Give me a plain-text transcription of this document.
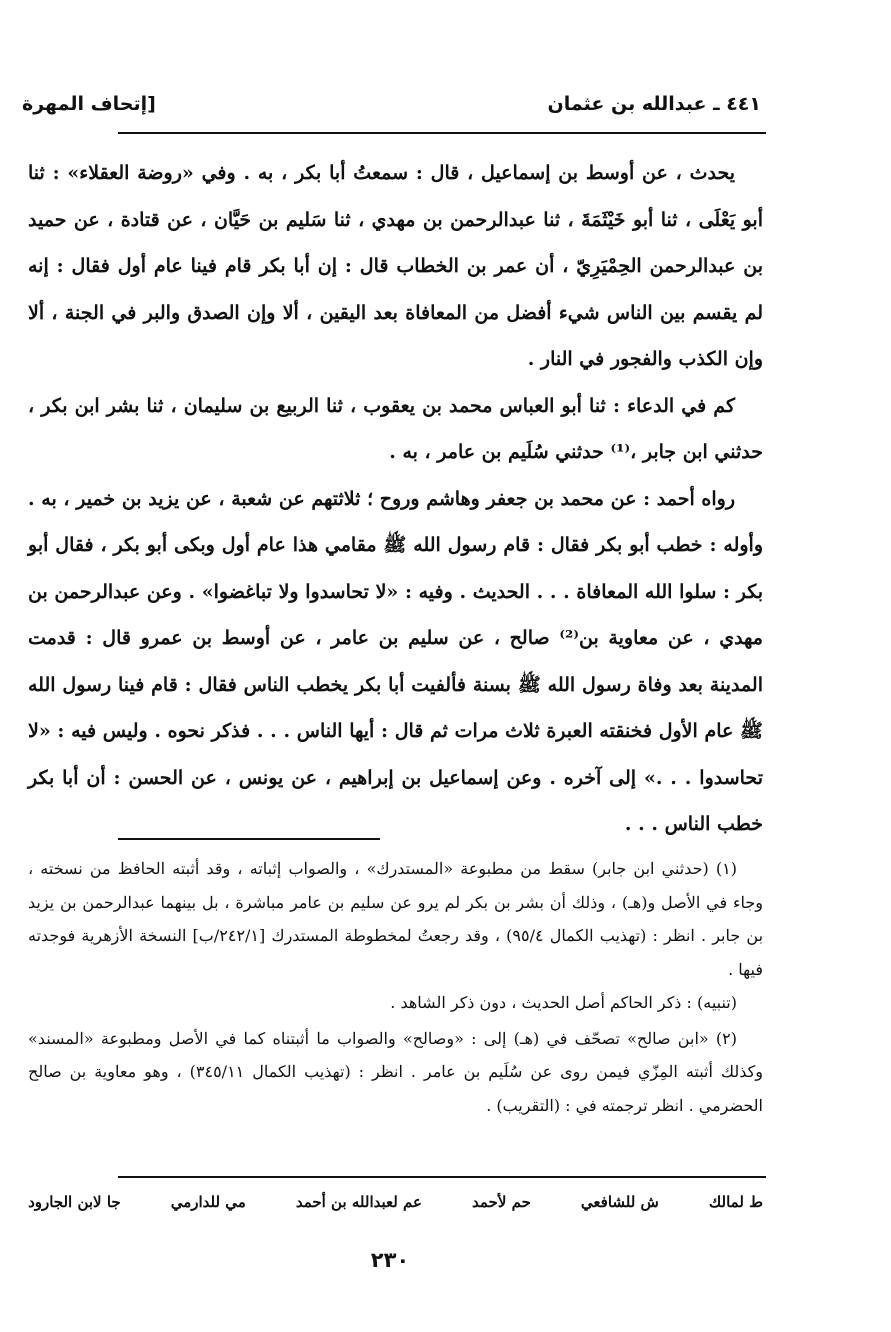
٤٤١ ـ عبدالله بن عثمان
[إتحاف المهرة

يحدث ، عن أوسط بن إسماعيل ، قال : سمعتُ أبا بكر ، به . وفي «روضة العقلاء» : ثنا أبو يَعْلَى ، ثنا أبو خَيْثَمَةَ ، ثنا عبدالرحمن بن مهدي ، ثنا سَليم بن حَيَّان ، عن قتادة ، عن حميد بن عبدالرحمن الحِمْيَرِيّ ، أن عمر بن الخطاب قال : إن أبا بكر قام فينا عام أول فقال : إنه لم يقسم بين الناس شيء أفضل من المعافاة بعد اليقين ، ألا وإن الصدق والبر في الجنة ، ألا وإن الكذب والفجور في النار .

كم في الدعاء : ثنا أبو العباس محمد بن يعقوب ، ثنا الربيع بن سليمان ، ثنا بشر ابن بكر ، حدثني ابن جابر ،⁽¹⁾ حدثني سُلَيم بن عامر ، به .

رواه أحمد : عن محمد بن جعفر وهاشم وروح ؛ ثلاثتهم عن شعبة ، عن يزيد بن خمير ، به . وأوله : خطب أبو بكر فقال : قام رسول الله ﷺ مقامي هذا عام أول وبكى أبو بكر ، فقال أبو بكر : سلوا الله المعافاة . . . الحديث . وفيه : «لا تحاسدوا ولا تباغضوا» . وعن عبدالرحمن بن مهدي ، عن معاوية بن⁽²⁾ صالح ، عن سليم بن عامر ، عن أوسط بن عمرو قال : قدمت المدينة بعد وفاة رسول الله ﷺ بسنة فألفيت أبا بكر يخطب الناس فقال : قام فينا رسول الله ﷺ عام الأول فخنقته العبرة ثلاث مرات ثم قال : أيها الناس . . . فذكر نحوه . وليس فيه : «لا تحاسدوا . . .» إلى آخره . وعن إسماعيل بن إبراهيم ، عن يونس ، عن الحسن : أن أبا بكر خطب الناس . . .

(١) (حدثني ابن جابر) سقط من مطبوعة «المستدرك» ، والصواب إثباته ، وقد أثبته الحافظ من نسخته ، وجاء في الأصل و(هـ) ، وذلك أن بشر بن بكر لم يرو عن سليم بن عامر مباشرة ، بل بينهما عبدالرحمن بن يزيد بن جابر . انظر : (تهذيب الكمال ٩٥/٤) ، وقد رجعتُ لمخطوطة المستدرك [٢٤٢/١/ب] النسخة الأزهرية فوجدته فيها .

(تنبيه) : ذكر الحاكم أصل الحديث ، دون ذكر الشاهد .

(٢) «ابن صالح» تصحّف في (هـ) إلى : «وصالح» والصواب ما أثبتناه كما في الأصل ومطبوعة «المسند» وكذلك أثبته المِزّي فيمن روى عن سُلَيم بن عامر . انظر : (تهذيب الكمال ٣٤٥/١١) ، وهو معاوية بن صالح الحضرمي . انظر ترجمته في : (التقريب) .

ط لمالك
ش للشافعي
حم لأحمد
عم لعبدالله بن أحمد
مي للدارمي
جا لابن الجارود
٢٣٠
